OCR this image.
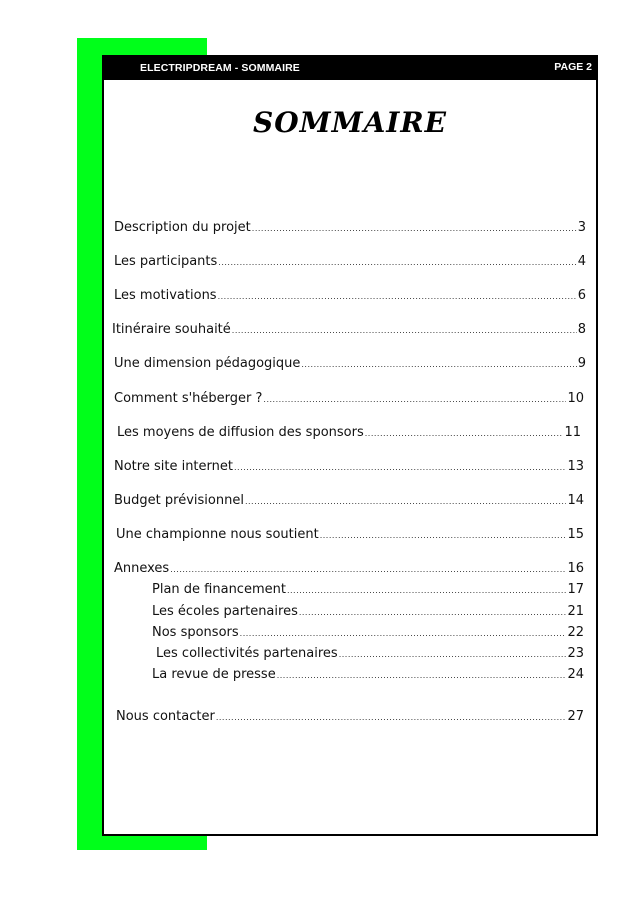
ELECTRIPDREAM - SOMMAIRE	PAGE 2
SOMMAIRE
Description du projet .....	3
Les participants .....	4
Les motivations .....	6
Itinéraire souhaité .....	8
Une dimension pédagogique .....	9
Comment s'héberger ? .....	10
Les moyens de diffusion des sponsors .....	11
Notre site internet .....	13
Budget prévisionnel .....	14
Une championne nous soutient .....	15
Annexes .....	16
Plan de financement .....	17
Les écoles partenaires .....	21
Nos sponsors .....	22
Les collectivités partenaires .....	23
La revue de presse .....	24
Nous contacter .....	27
